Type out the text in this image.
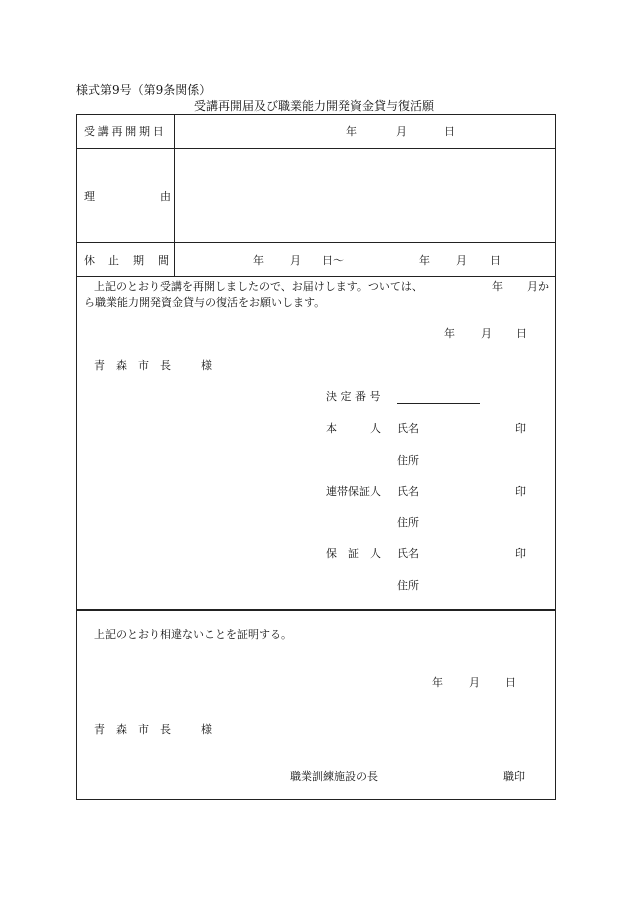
様式第9号（第9条関係）
受講再開届及び職業能力開発資金貸与復活願
受講再開期日	年	月	日
理	由
休 止 期 間	年 月 日〜	年 月 日
上記のとおり受講を再開しましたので、お届けします。ついては、	年 月か
ら職業能力開発資金貸与の復活をお願いします。
年 月 日
青　森　市　長	様
決 定 番 号
本　　　人 氏名	印
住所
連帯保証人 氏名	印
住所
保　証　人 氏名	印
住所
上記のとおり相違ないことを証明する。
年 月 日
青　森　市　長	様
職業訓練施設の長	職印
